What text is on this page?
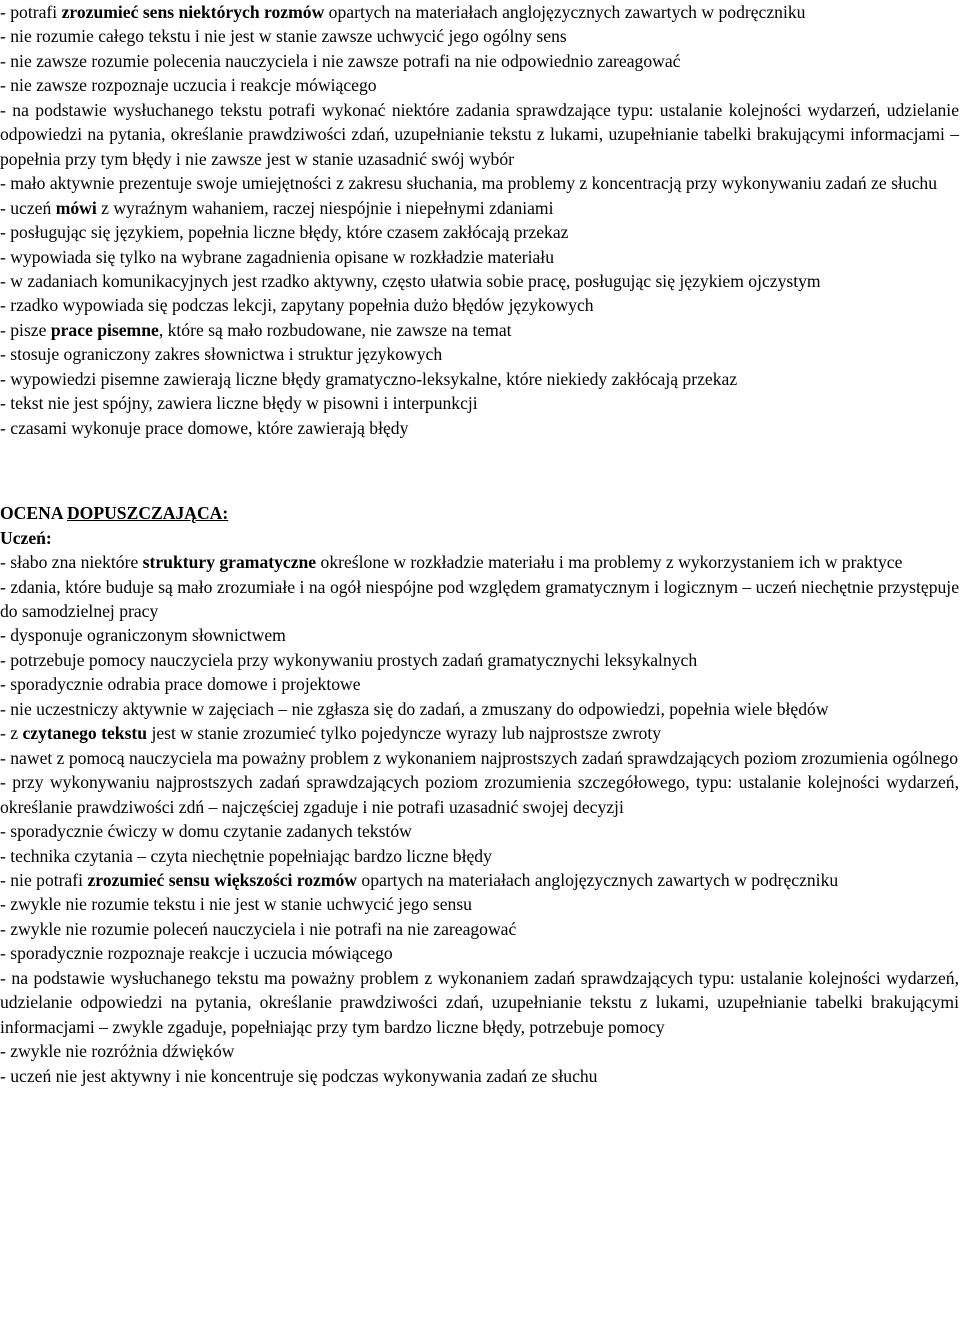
- potrafi zrozumieć sens niektórych rozmów opartych na materiałach anglojęzycznych zawartych w podręczniku

- nie rozumie całego tekstu i nie jest w stanie zawsze uchwycić jego ogólny sens

- nie zawsze rozumie polecenia nauczyciela i nie zawsze potrafi na nie odpowiednio zareagować

- nie zawsze rozpoznaje uczucia i reakcje mówiącego

- na podstawie wysłuchanego tekstu potrafi wykonać niektóre zadania sprawdzające typu: ustalanie kolejności wydarzeń, udzielanie odpowiedzi na pytania, określanie prawdziwości zdań, uzupełnianie tekstu z lukami, uzupełnianie tabelki brakującymi informacjami – popełnia przy tym błędy i nie zawsze jest w stanie uzasadnić swój wybór

- mało aktywnie prezentuje swoje umiejętności z zakresu słuchania, ma problemy z koncentracją przy wykonywaniu zadań ze słuchu

- uczeń mówi z wyraźnym wahaniem, raczej niespójnie i niepełnymi zdaniami

- posługując się językiem, popełnia liczne błędy, które czasem zakłócają przekaz

- wypowiada się tylko na wybrane zagadnienia opisane w rozkładzie materiału

- w zadaniach komunikacyjnych jest rzadko aktywny, często ułatwia sobie pracę, posługując się językiem ojczystym

- rzadko wypowiada się podczas lekcji, zapytany popełnia dużo błędów językowych

- pisze prace pisemne, które są mało rozbudowane, nie zawsze na temat

- stosuje ograniczony zakres słownictwa i struktur językowych

- wypowiedzi pisemne zawierają liczne błędy gramatyczno-leksykalne, które niekiedy zakłócają przekaz

- tekst nie jest spójny, zawiera liczne błędy w pisowni i interpunkcji

- czasami wykonuje prace domowe, które zawierają błędy

OCENA DOPUSZCZAJĄCA:

Uczeń:

- słabo zna niektóre struktury gramatyczne określone w rozkładzie materiału i ma problemy z wykorzystaniem ich w praktyce

- zdania, które buduje są mało zrozumiałe i na ogół niespójne pod względem gramatycznym i logicznym – uczeń niechętnie przystępuje do samodzielnej pracy

- dysponuje ograniczonym słownictwem

- potrzebuje pomocy nauczyciela przy wykonywaniu prostych zadań gramatycznychi leksykalnych

- sporadycznie odrabia prace domowe i projektowe

- nie uczestniczy aktywnie w zajęciach – nie zgłasza się do zadań, a zmuszany do odpowiedzi, popełnia wiele błędów

- z czytanego tekstu jest w stanie zrozumieć tylko pojedyncze wyrazy lub najprostsze zwroty

- nawet z pomocą nauczyciela ma poważny problem z wykonaniem najprostszych zadań sprawdzających poziom zrozumienia ogólnego

- przy wykonywaniu najprostszych zadań sprawdzających poziom zrozumienia szczegółowego, typu: ustalanie kolejności wydarzeń, określanie prawdziwości zdń – najczęściej zgaduje i nie potrafi uzasadnić swojej decyzji

- sporadycznie ćwiczy w domu czytanie zadanych tekstów

- technika czytania – czyta niechętnie popełniając bardzo liczne błędy

- nie potrafi zrozumieć sensu większości rozmów opartych na materiałach anglojęzycznych zawartych w podręczniku

- zwykle nie rozumie tekstu i nie jest w stanie uchwycić jego sensu

- zwykle nie rozumie poleceń nauczyciela i nie potrafi na nie zareagować

- sporadycznie rozpoznaje reakcje i uczucia mówiącego

- na podstawie wysłuchanego tekstu ma poważny problem z wykonaniem zadań sprawdzających typu: ustalanie kolejności wydarzeń, udzielanie odpowiedzi na pytania, określanie prawdziwości zdań, uzupełnianie tekstu z lukami, uzupełnianie tabelki brakującymi informacjami – zwykle zgaduje, popełniając przy tym bardzo liczne błędy, potrzebuje pomocy

- zwykle nie rozróżnia dźwięków

- uczeń nie jest aktywny i nie koncentruje się podczas wykonywania zadań ze słuchu
